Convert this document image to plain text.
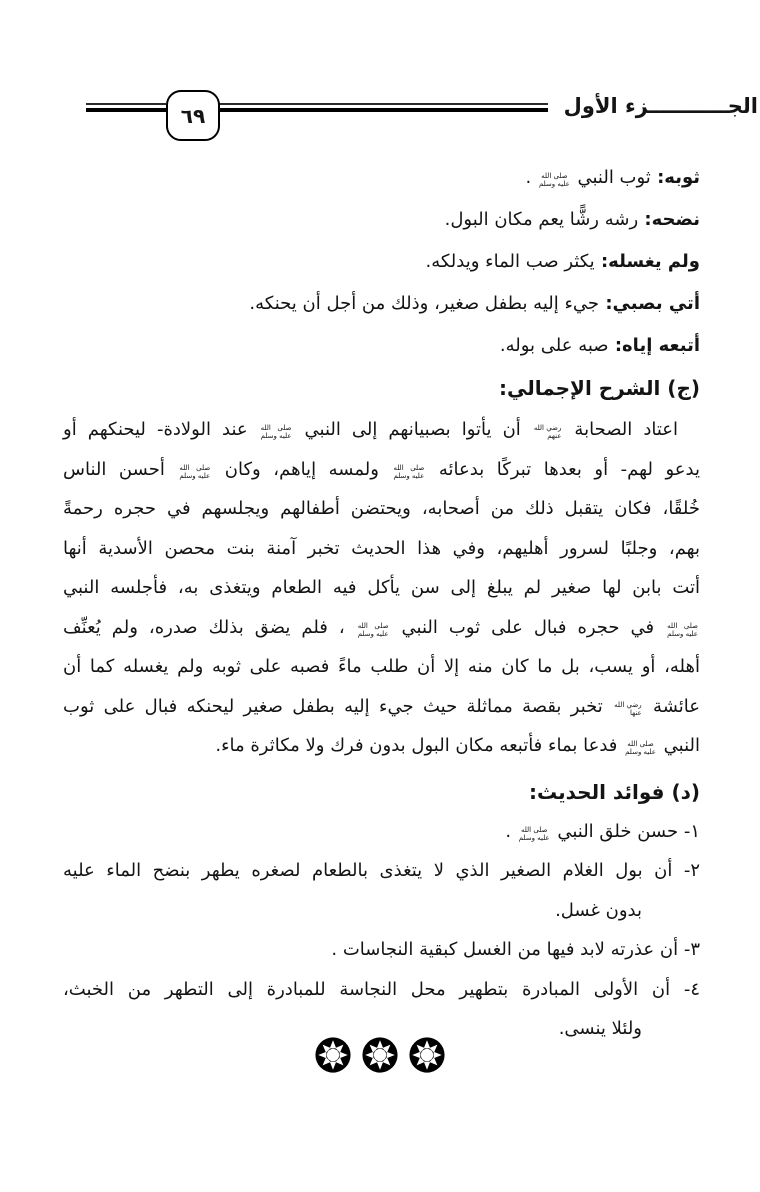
الجـــــــــــزء الأول
٦٩
ثوبه: ثوب النبي
صلى الله
عليه وسلم
.
نضحه: رشه رشًّا يعم مكان البول.
ولم يغسله: يكثر صب الماء ويدلكه.
أتي بصبي: جيء إليه بطفل صغير، وذلك من أجل أن يحنكه.
أتبعه إياه: صبه على بوله.
(ج) الشرح الإجمالي:
اعتاد الصحابة
رضي الله
عنهم
أن يأتوا بصبيانهم إلى النبي
صلى الله
عليه وسلم
عند الولادة- ليحنكهم أو
يدعو لهم- أو بعدها تبركًا بدعائه
صلى الله
عليه وسلم
ولمسه إياهم، وكان
صلى الله
عليه وسلم
أحسن الناس
خُلقًا، فكان يتقبل ذلك من أصحابه، ويحتضن أطفالهم ويجلسهم في حجره رحمةً
بهم، وجلبًا لسرور أهليهم، وفي هذا الحديث تخبر آمنة بنت محصن الأسدية أنها
أتت بابن لها صغير لم يبلغ إلى سن يأكل فيه الطعام ويتغذى به، فأجلسه النبي
صلى الله
عليه وسلم
في حجره فبال على ثوب النبي
صلى الله
عليه وسلم
، فلم يضق بذلك صدره، ولم يُعنِّف
أهله، أو يسب، بل ما كان منه إلا أن طلب ماءً فصبه على ثوبه ولم يغسله كما أن
عائشة
رضي الله
عنها
تخبر بقصة مماثلة حيث جيء إليه بطفل صغير ليحنكه فبال على ثوب
النبي
صلى الله
عليه وسلم
فدعا بماء فأتبعه مكان البول بدون فرك ولا مكاثرة ماء.
(د) فوائد الحديث:
١- حسن خلق النبي
صلى الله
عليه وسلم
.
٢- أن بول الغلام الصغير الذي لا يتغذى بالطعام لصغره يطهر بنضح الماء عليه
بدون غسل.
٣- أن عذرته لابد فيها من الغسل كبقية النجاسات .
٤- أن الأولى المبادرة بتطهير محل النجاسة للمبادرة إلى التطهر من الخبث،
ولئلا ينسى.
